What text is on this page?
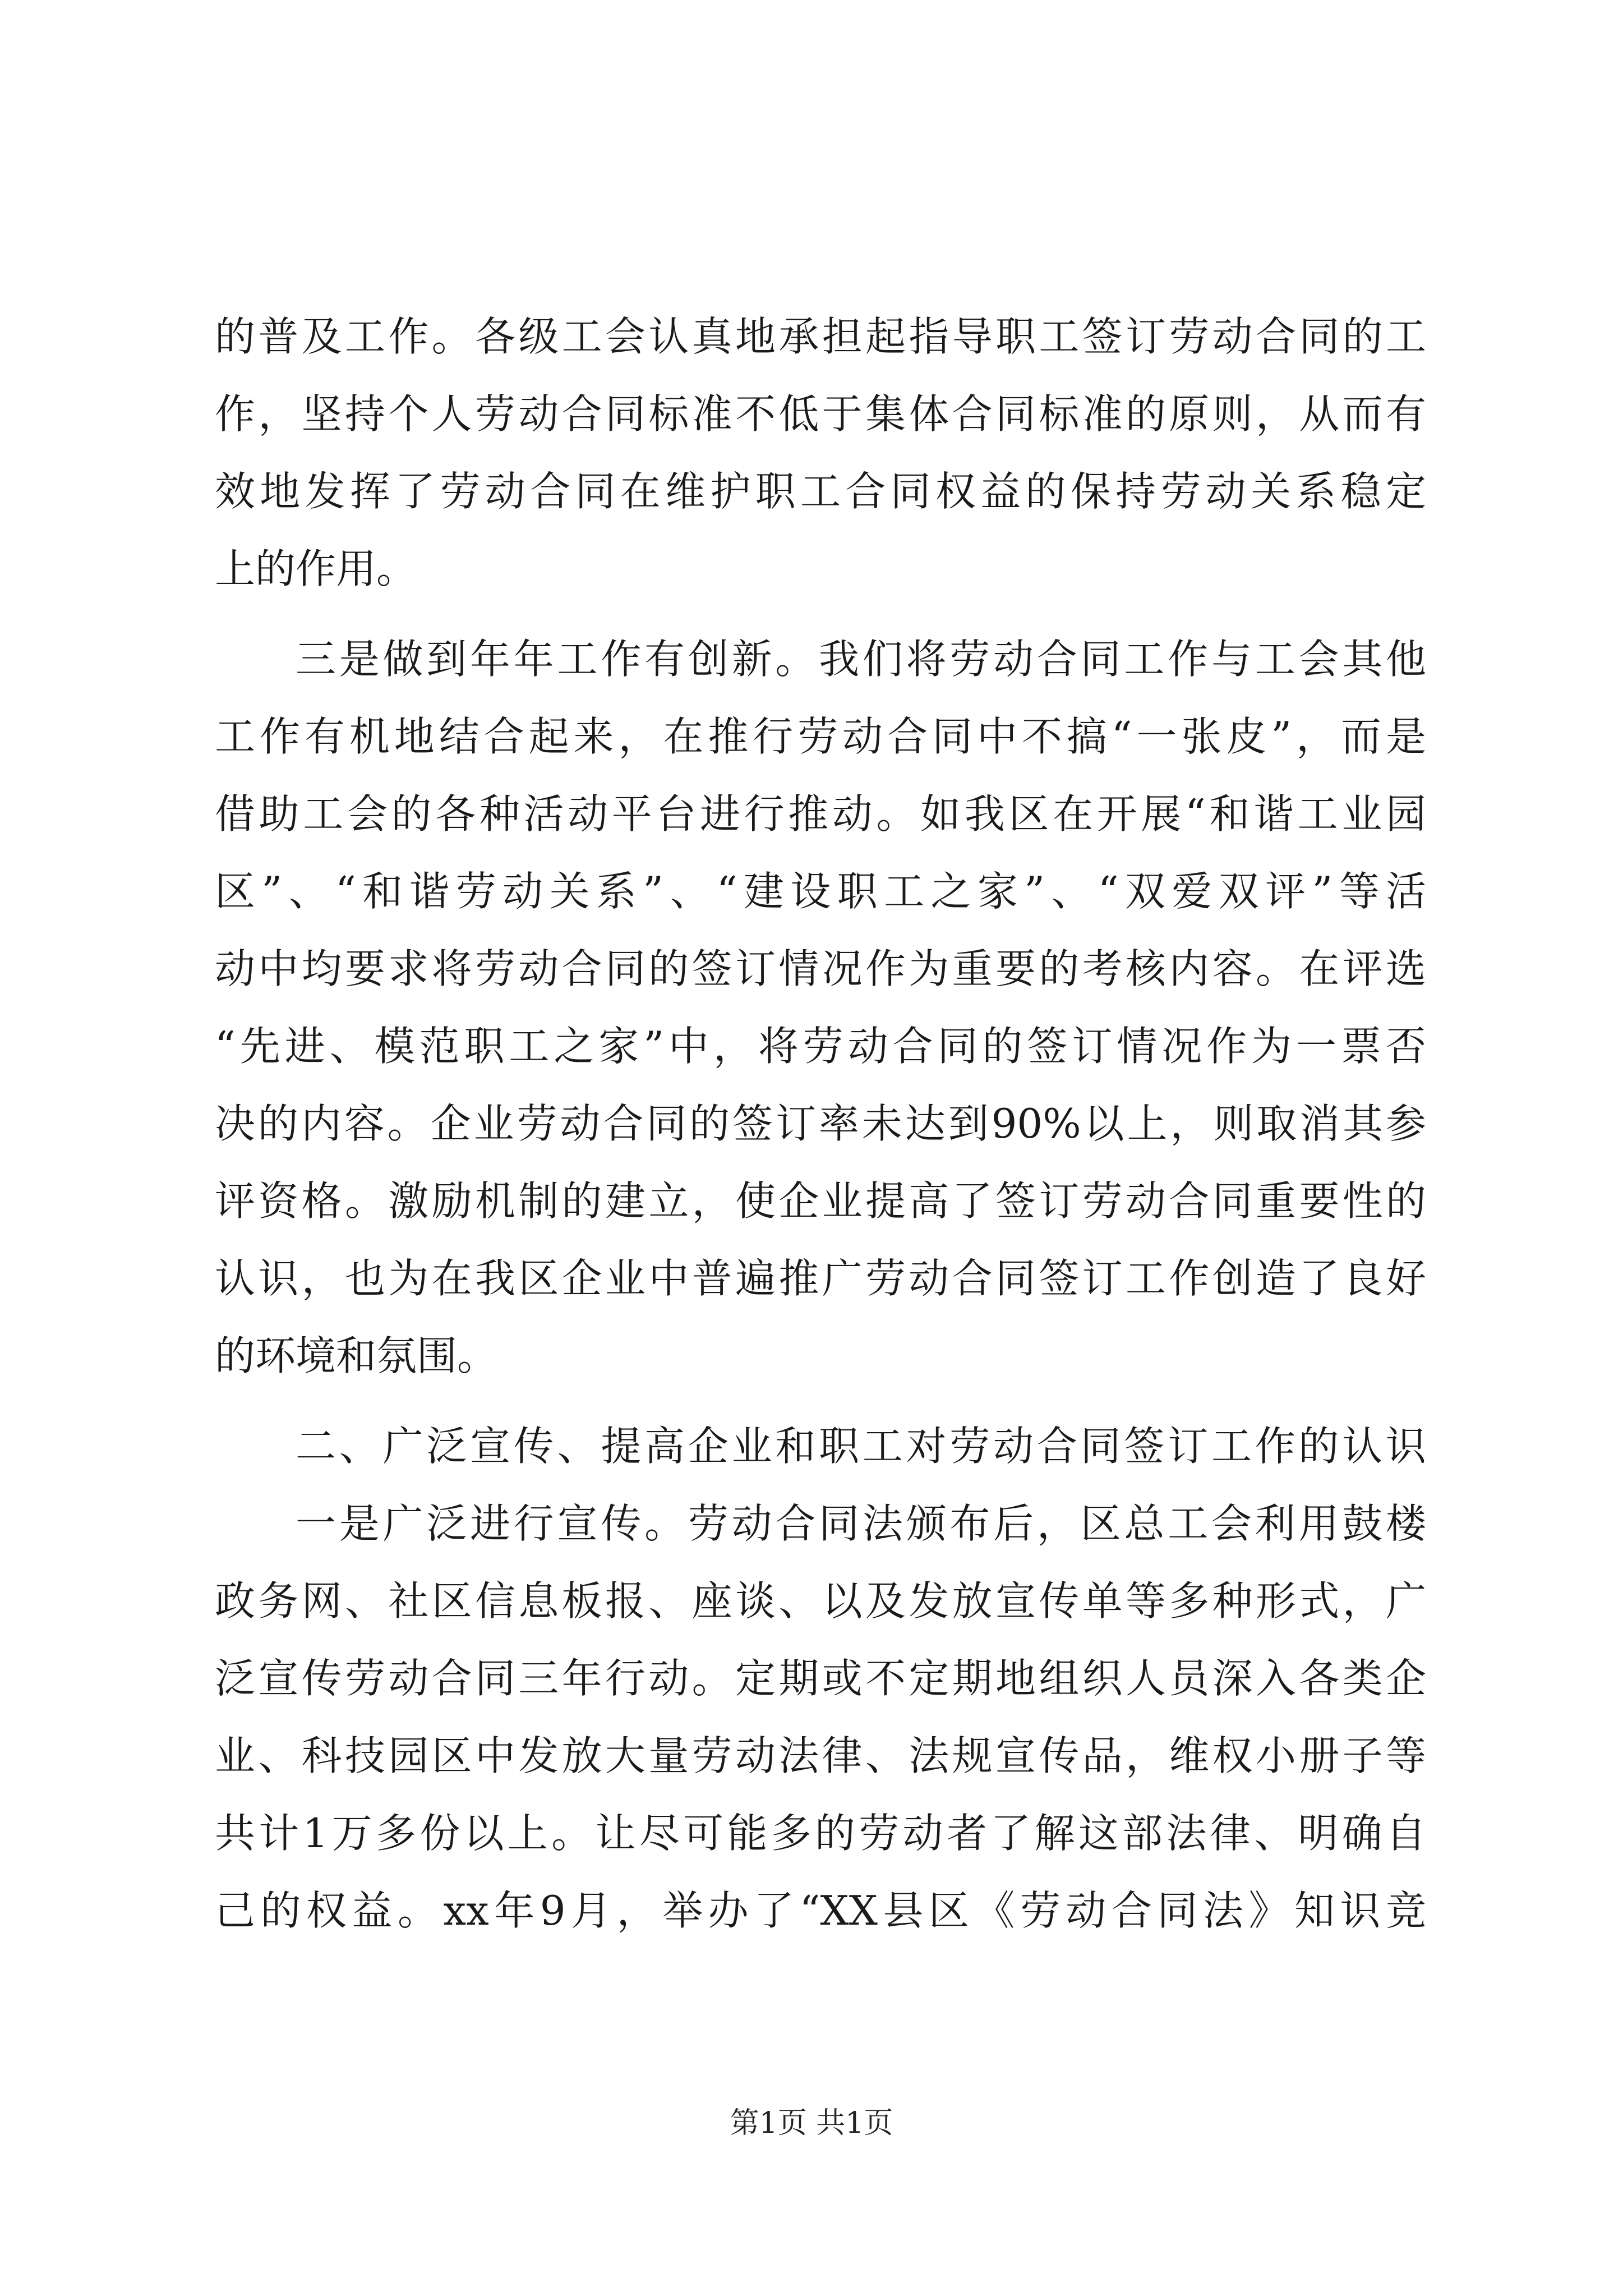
的普及工作。各级工会认真地承担起指导职工签订劳动合同的工
作，坚持个人劳动合同标准不低于集体合同标准的原则，从而有
效地发挥了劳动合同在维护职工合同权益的保持劳动关系稳定
上的作用。
三是做到年年工作有创新。我们将劳动合同工作与工会其他
工作有机地结合起来，在推行劳动合同中不搞“一张皮”，而是
借助工会的各种活动平台进行推动。如我区在开展“和谐工业园
区”、“和谐劳动关系”、“建设职工之家”、“双爱双评”等活
动中均要求将劳动合同的签订情况作为重要的考核内容。在评选
“先进、模范职工之家”中，将劳动合同的签订情况作为一票否
决的内容。企业劳动合同的签订率未达到90%以上，则取消其参
评资格。激励机制的建立，使企业提高了签订劳动合同重要性的
认识，也为在我区企业中普遍推广劳动合同签订工作创造了良好
的环境和氛围。
二、广泛宣传、提高企业和职工对劳动合同签订工作的认识
一是广泛进行宣传。劳动合同法颁布后，区总工会利用鼓楼
政务网、社区信息板报、座谈、以及发放宣传单等多种形式，广
泛宣传劳动合同三年行动。定期或不定期地组织人员深入各类企
业、科技园区中发放大量劳动法律、法规宣传品，维权小册子等
共计1万多份以上。让尽可能多的劳动者了解这部法律、明确自
己的权益。xx年9月，举办了“XX县区《劳动合同法》知识竞
第1页 共1页
